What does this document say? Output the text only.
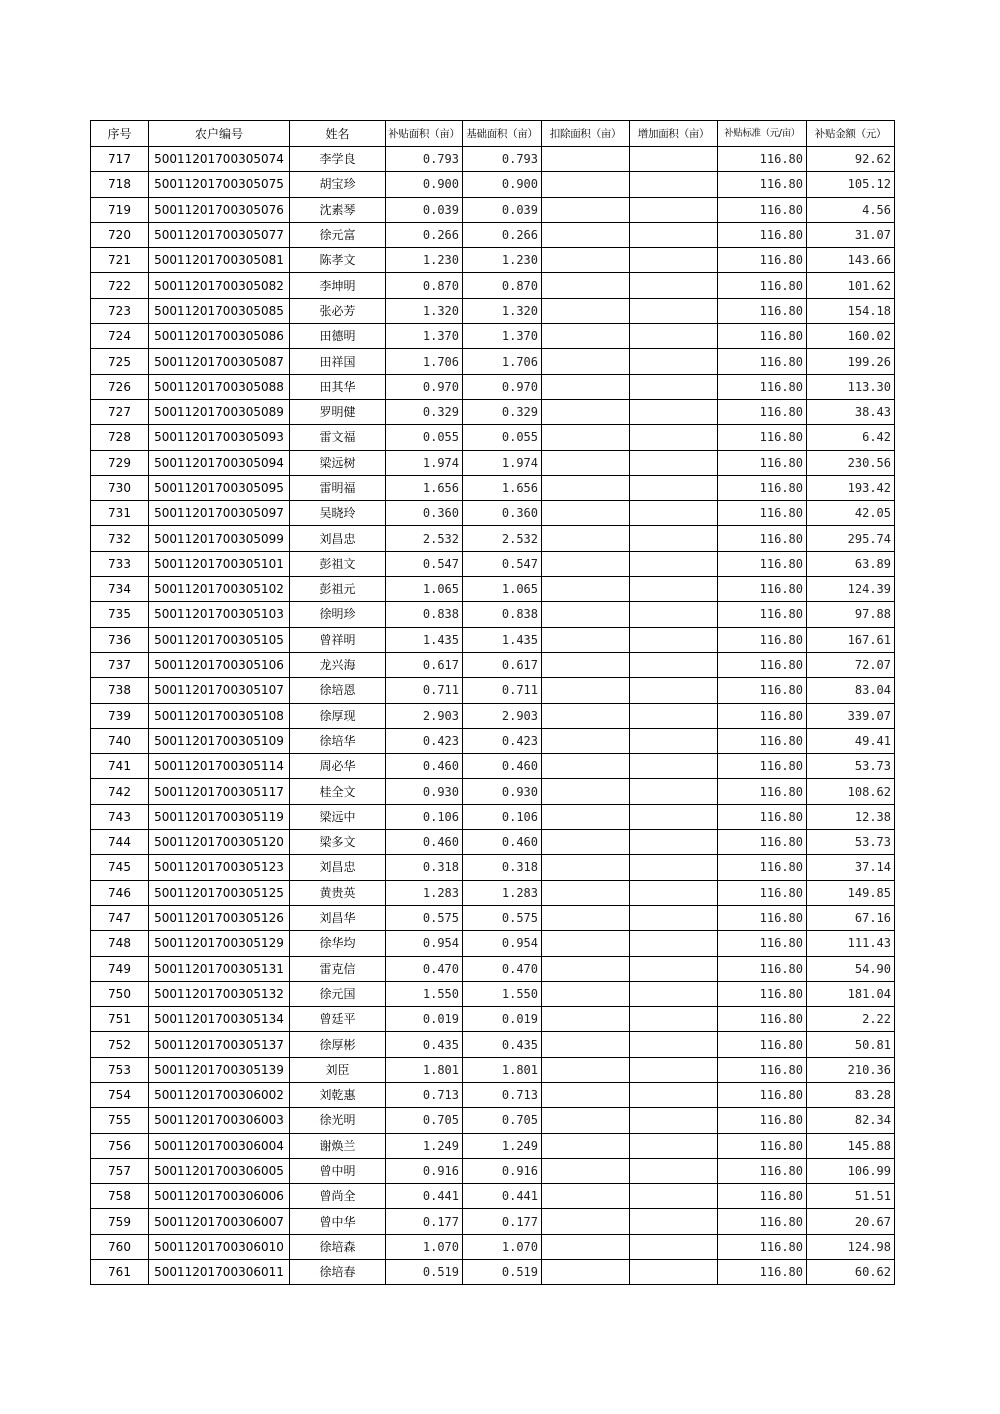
序号	农户编号	姓名	补贴面积（亩）	基础面积（亩）	扣除面积（亩）	增加面积（亩）	补贴标准（元/亩）	补贴金额（元）
717	50011201700305074	李学良	0.793	0.793			116.80	92.62
718	50011201700305075	胡宝珍	0.900	0.900			116.80	105.12
719	50011201700305076	沈素琴	0.039	0.039			116.80	4.56
720	50011201700305077	徐元富	0.266	0.266			116.80	31.07
721	50011201700305081	陈孝文	1.230	1.230			116.80	143.66
722	50011201700305082	李坤明	0.870	0.870			116.80	101.62
723	50011201700305085	张必芳	1.320	1.320			116.80	154.18
724	50011201700305086	田德明	1.370	1.370			116.80	160.02
725	50011201700305087	田祥国	1.706	1.706			116.80	199.26
726	50011201700305088	田其华	0.970	0.970			116.80	113.30
727	50011201700305089	罗明健	0.329	0.329			116.80	38.43
728	50011201700305093	雷文福	0.055	0.055			116.80	6.42
729	50011201700305094	梁远树	1.974	1.974			116.80	230.56
730	50011201700305095	雷明福	1.656	1.656			116.80	193.42
731	50011201700305097	吴晓玲	0.360	0.360			116.80	42.05
732	50011201700305099	刘昌忠	2.532	2.532			116.80	295.74
733	50011201700305101	彭祖文	0.547	0.547			116.80	63.89
734	50011201700305102	彭祖元	1.065	1.065			116.80	124.39
735	50011201700305103	徐明珍	0.838	0.838			116.80	97.88
736	50011201700305105	曾祥明	1.435	1.435			116.80	167.61
737	50011201700305106	龙兴海	0.617	0.617			116.80	72.07
738	50011201700305107	徐培恩	0.711	0.711			116.80	83.04
739	50011201700305108	徐厚现	2.903	2.903			116.80	339.07
740	50011201700305109	徐培华	0.423	0.423			116.80	49.41
741	50011201700305114	周必华	0.460	0.460			116.80	53.73
742	50011201700305117	桂全文	0.930	0.930			116.80	108.62
743	50011201700305119	梁远中	0.106	0.106			116.80	12.38
744	50011201700305120	梁多文	0.460	0.460			116.80	53.73
745	50011201700305123	刘昌忠	0.318	0.318			116.80	37.14
746	50011201700305125	黄贵英	1.283	1.283			116.80	149.85
747	50011201700305126	刘昌华	0.575	0.575			116.80	67.16
748	50011201700305129	徐华均	0.954	0.954			116.80	111.43
749	50011201700305131	雷克信	0.470	0.470			116.80	54.90
750	50011201700305132	徐元国	1.550	1.550			116.80	181.04
751	50011201700305134	曾廷平	0.019	0.019			116.80	2.22
752	50011201700305137	徐厚彬	0.435	0.435			116.80	50.81
753	50011201700305139	刘臣	1.801	1.801			116.80	210.36
754	50011201700306002	刘乾惠	0.713	0.713			116.80	83.28
755	50011201700306003	徐光明	0.705	0.705			116.80	82.34
756	50011201700306004	谢焕兰	1.249	1.249			116.80	145.88
757	50011201700306005	曾中明	0.916	0.916			116.80	106.99
758	50011201700306006	曾尚全	0.441	0.441			116.80	51.51
759	50011201700306007	曾中华	0.177	0.177			116.80	20.67
760	50011201700306010	徐培森	1.070	1.070			116.80	124.98
761	50011201700306011	徐培春	0.519	0.519			116.80	60.62
